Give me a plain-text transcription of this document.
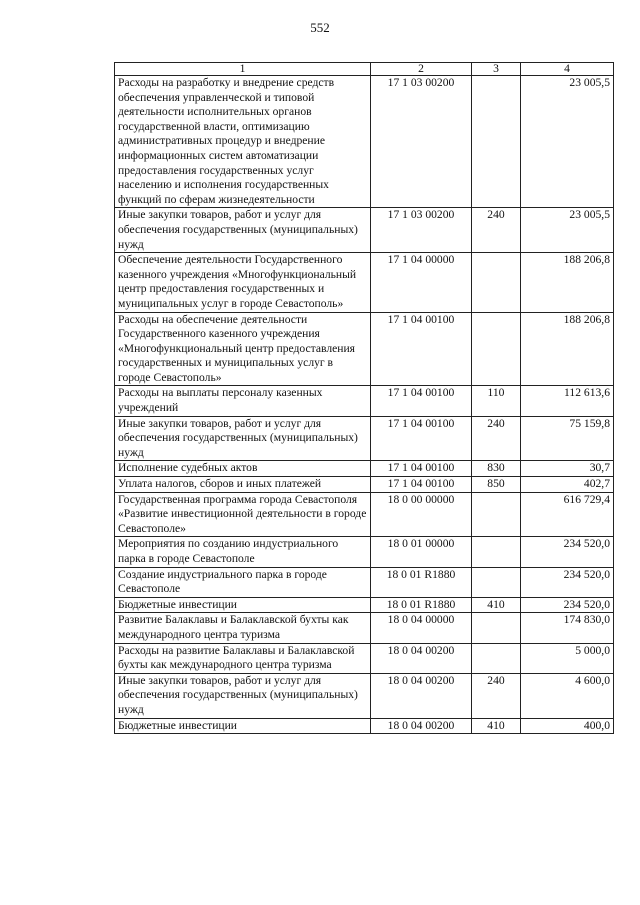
552
1	2	3	4
Расходы на разработку и внедрение средств обеспечения управленческой и типовой деятельности исполнительных органов государственной власти, оптимизацию административных процедур и внедрение информационных систем автоматизации предоставления государственных услуг населению и исполнения государственных функций по сферам жизнедеятельности	17 1 03 00200		23 005,5
Иные закупки товаров, работ и услуг для обеспечения государственных (муниципальных) нужд	17 1 03 00200	240	23 005,5
Обеспечение деятельности Государственного казенного учреждения «Многофункциональный центр предоставления государственных и муниципальных услуг в городе Севастополь»	17 1 04 00000		188 206,8
Расходы на обеспечение деятельности Государственного казенного учреждения «Многофункциональный центр предоставления государственных и муниципальных услуг в городе Севастополь»	17 1 04 00100		188 206,8
Расходы на выплаты персоналу казенных учреждений	17 1 04 00100	110	112 613,6
Иные закупки товаров, работ и услуг для обеспечения государственных (муниципальных) нужд	17 1 04 00100	240	75 159,8
Исполнение судебных актов	17 1 04 00100	830	30,7
Уплата налогов, сборов и иных платежей	17 1 04 00100	850	402,7
Государственная программа города Севастополя «Развитие инвестиционной деятельности в городе Севастополе»	18 0 00 00000		616 729,4
Мероприятия по созданию индустриального парка в городе Севастополе	18 0 01 00000		234 520,0
Создание индустриального парка в городе Севастополе	18 0 01 R1880		234 520,0
Бюджетные инвестиции	18 0 01 R1880	410	234 520,0
Развитие Балаклавы и Балаклавской бухты как международного центра туризма	18 0 04 00000		174 830,0
Расходы на развитие Балаклавы и Балаклавской бухты как международного центра туризма	18 0 04 00200		5 000,0
Иные закупки товаров, работ и услуг для обеспечения государственных (муниципальных) нужд	18 0 04 00200	240	4 600,0
Бюджетные инвестиции	18 0 04 00200	410	400,0
